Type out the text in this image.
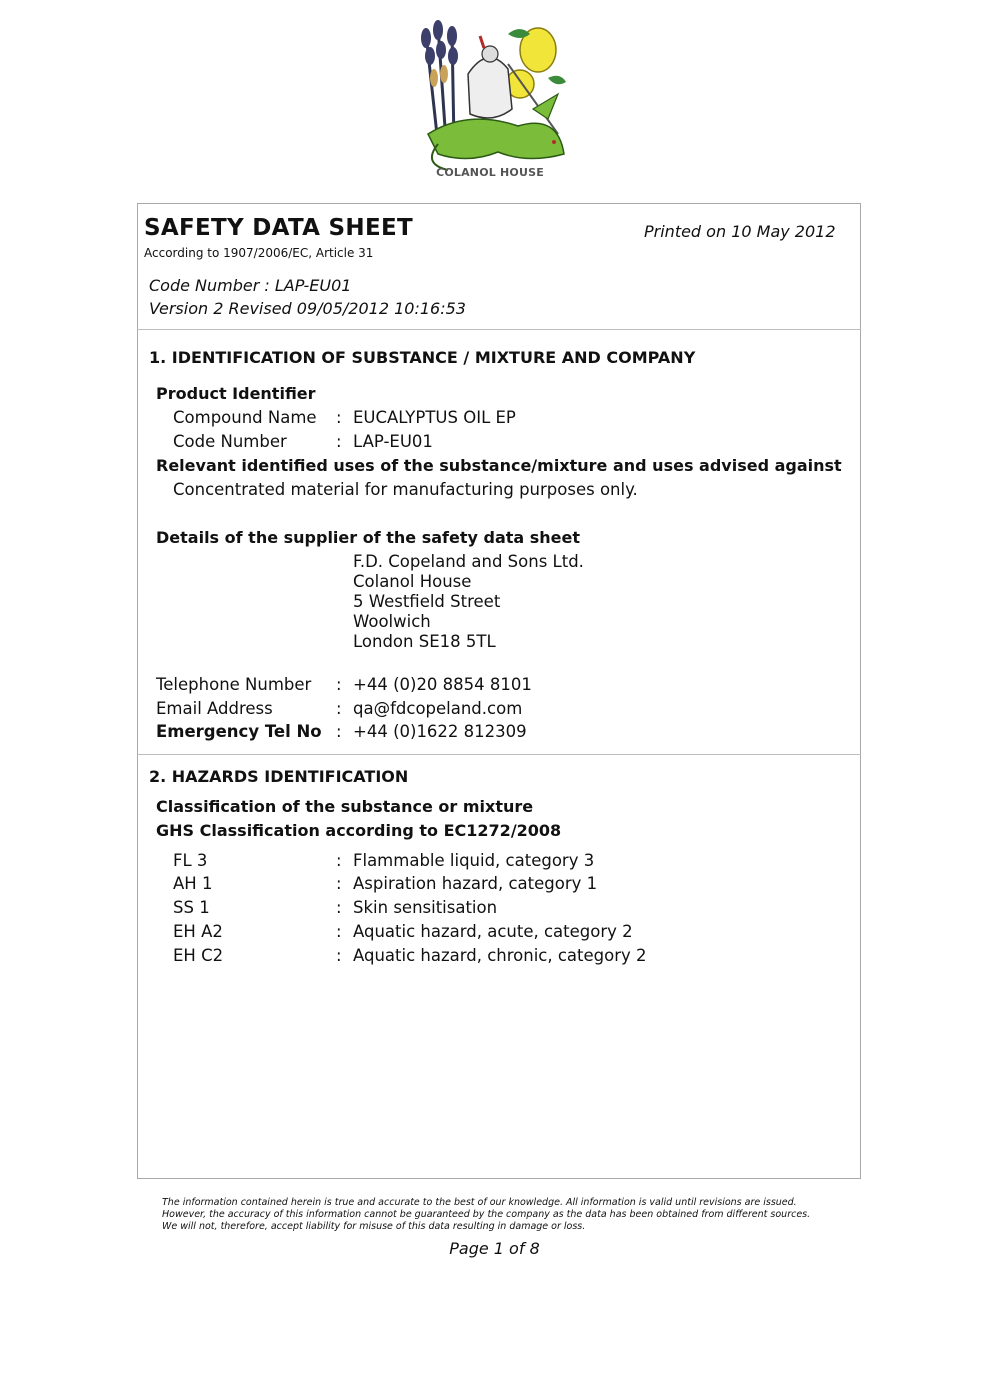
COLANOL HOUSE
SAFETY DATA SHEET	Printed on 10 May 2012
According to 1907/2006/EC, Article 31
Code Number : LAP-EU01
Version 2 Revised 09/05/2012 10:16:53
1. IDENTIFICATION OF SUBSTANCE / MIXTURE AND COMPANY
Product Identifier
Compound Name : EUCALYPTUS OIL EP
Code Number	: LAP-EU01
Relevant identified uses of the substance/mixture and uses advised against
Concentrated material for manufacturing purposes only.
Details of the supplier of the safety data sheet
F.D. Copeland and Sons Ltd.
Colanol House
5 Westfield Street
Woolwich
London SE18 5TL
Telephone Number : +44 (0)20 8854 8101
Email Address	: qa@fdcopeland.com
Emergency Tel No : +44 (0)1622 812309
2. HAZARDS IDENTIFICATION
Classification of the substance or mixture
GHS Classification according to EC1272/2008
FL 3	: Flammable liquid, category 3
AH 1	: Aspiration hazard, category 1
SS 1	: Skin sensitisation
EH A2	: Aquatic hazard, acute, category 2
EH C2	: Aquatic hazard, chronic, category 2
The information contained herein is true and accurate to the best of our knowledge. All information is valid until revisions are issued. However, the accuracy of this information cannot be guaranteed by the company as the data has been obtained from different sources. We will not, therefore, accept liability for misuse of this data resulting in damage or loss.
Page 1 of 8
